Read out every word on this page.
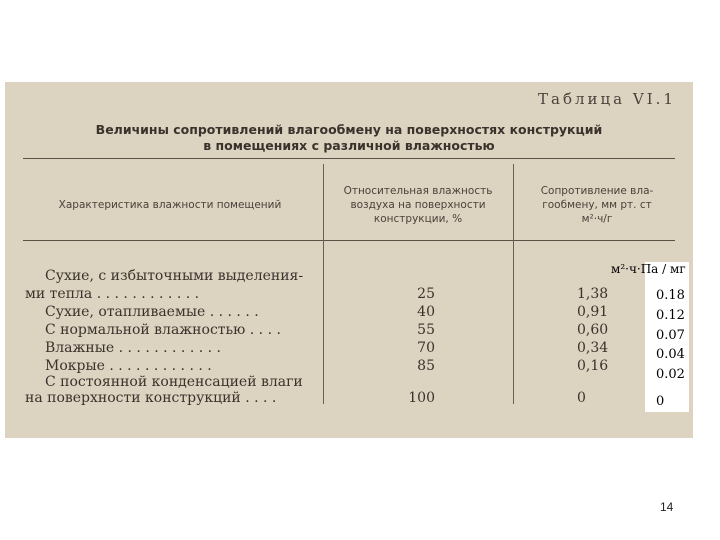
Таблица VI.1
Величины сопротивлений влагообмену на поверхностях конструкций
в помещениях с различной влажностью
Характеристика влажности помещений
Относительная влажность
воздуха на поверхности
конструкции, %
Сопротивление вла-
гообмену, мм рт. ст
м²·ч/г
Сухие, с избыточными выделения-
ми тепла . . . . . . . . . . . .
Сухие, отапливаемые . . . . . .
С нормальной влажностью . . . .
Влажные . . . . . . . . . . . .
Мокрые . . . . . . . . . . . .
С постоянной конденсацией влаги
на поверхности конструкций . . . .
25
40
55
70
85
100
1,38
0,91
0,60
0,34
0,16
0
м²·ч·Па / мг
0.18
0.12
0.07
0.04
0.02
0
14
